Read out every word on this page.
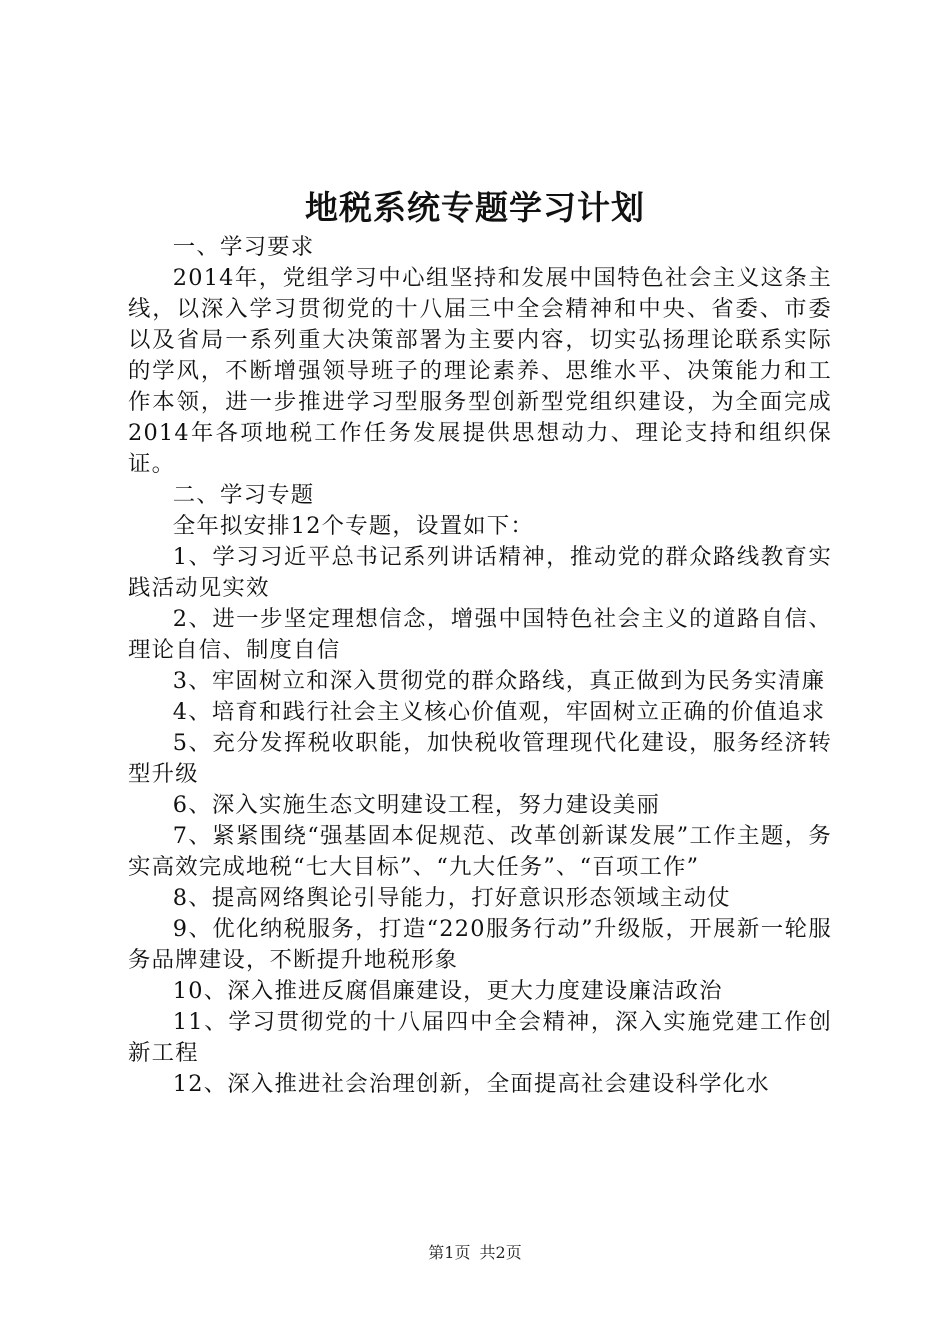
地税系统专题学习计划

一、学习要求

2014年，党组学习中心组坚持和发展中国特色社会主义这条主线，以深入学习贯彻党的十八届三中全会精神和中央、省委、市委以及省局一系列重大决策部署为主要内容，切实弘扬理论联系实际的学风，不断增强领导班子的理论素养、思维水平、决策能力和工作本领，进一步推进学习型服务型创新型党组织建设，为全面完成2014年各项地税工作任务发展提供思想动力、理论支持和组织保证。

二、学习专题

全年拟安排12个专题，设置如下：

1、学习习近平总书记系列讲话精神，推动党的群众路线教育实践活动见实效

2、进一步坚定理想信念，增强中国特色社会主义的道路自信、理论自信、制度自信

3、牢固树立和深入贯彻党的群众路线，真正做到为民务实清廉

4、培育和践行社会主义核心价值观，牢固树立正确的价值追求

5、充分发挥税收职能，加快税收管理现代化建设，服务经济转型升级

6、深入实施生态文明建设工程，努力建设美丽

7、紧紧围绕“强基固本促规范、改革创新谋发展”工作主题，务实高效完成地税“七大目标”、“九大任务”、“百项工作”

8、提高网络舆论引导能力，打好意识形态领域主动仗

9、优化纳税服务，打造“220服务行动”升级版，开展新一轮服务品牌建设，不断提升地税形象

10、深入推进反腐倡廉建设，更大力度建设廉洁政治

11、学习贯彻党的十八届四中全会精神，深入实施党建工作创新工程

12、深入推进社会治理创新，全面提高社会建设科学化水

第1页 共2页
